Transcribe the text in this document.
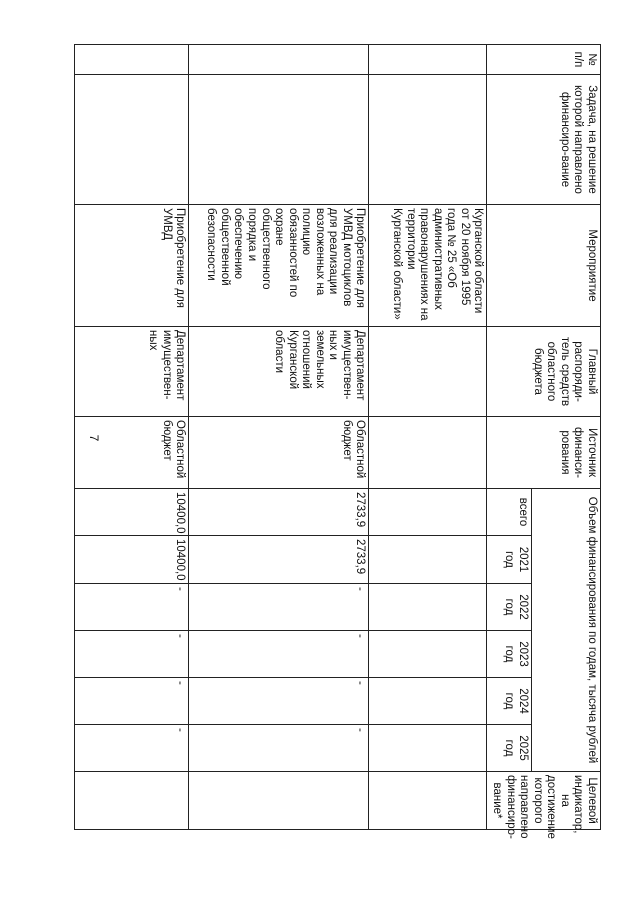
7
№ п/п	Задача, на решение которой направлено финансиро-вание	Мероприятие	Главный распоряди-тель средств областного бюджета	Источник финанси-рования	Объем финансирования по годам, тысяча рублей						Целевой индикатор, на достижение которого направлено финансиро-вание*
					всего	2021 год	2022 год	2023 год	2024 год	2025 год	
		Курганской области от 20 ноября 1995 года № 25 «Об административных правонарушениях на территории Курганской области»									
		Приобретение для УМВД мотоциклов для реализации возложенных на полицию обязанностей по охране общественного порядка и обеспечению общественной безопасности	Департамент имуществен-ных и земельных отношений Курганской области	Областной бюджет	2733,9	2733,9	-	-	-	-	
		Приобретение для УМВД	Департамент имуществен-ных	Областной бюджет	10400,0	10400,0	-	-	-	-	
